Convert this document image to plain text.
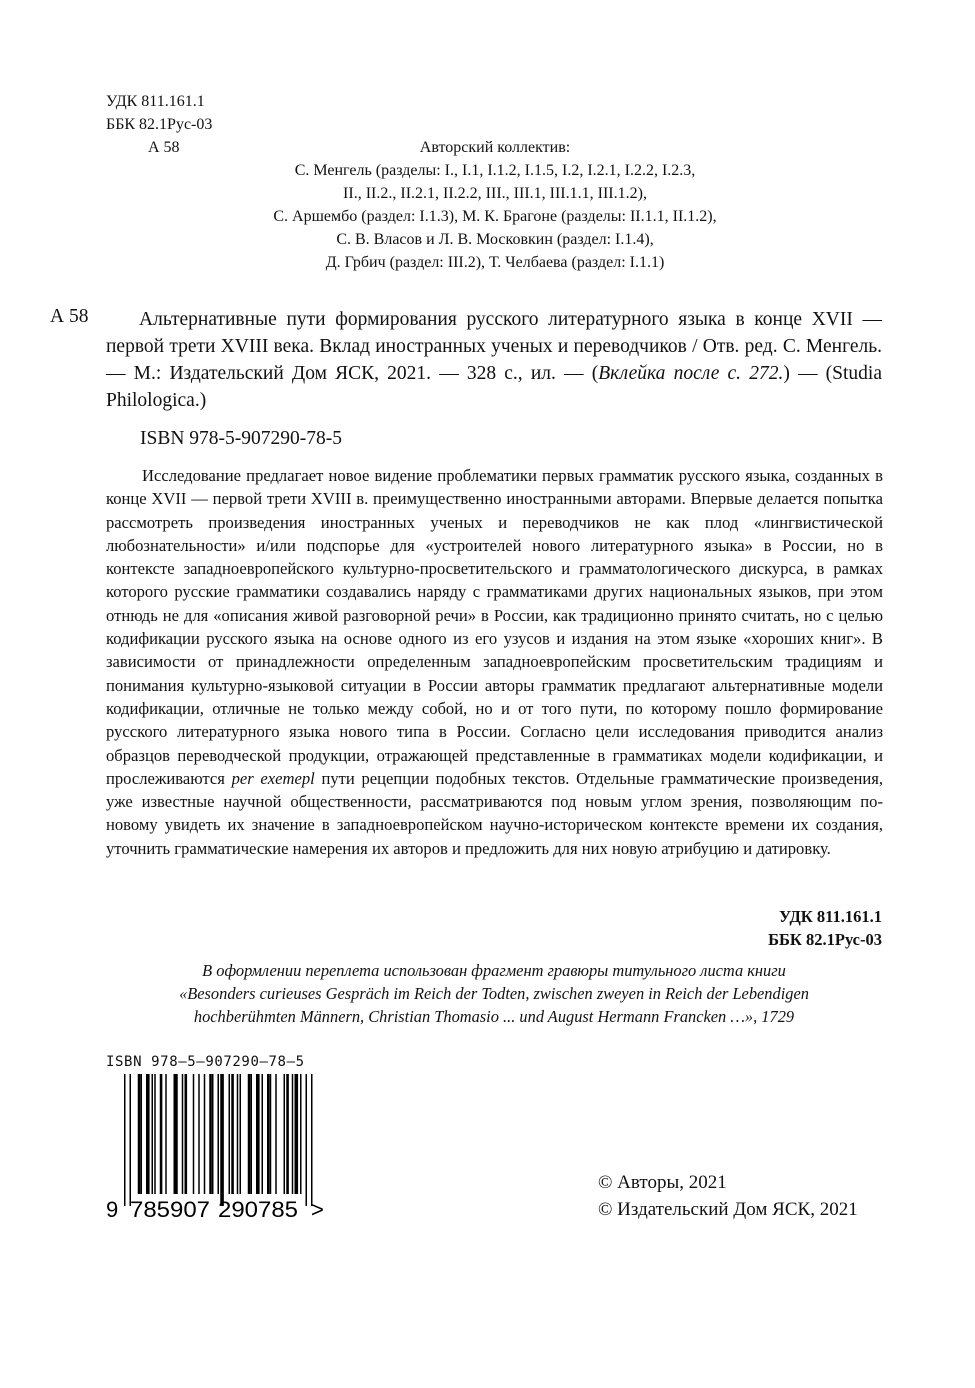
УДК 811.161.1
ББК 82.1Рус-03
А 58	Авторский коллектив:
С. Менгель (разделы: I., I.1, I.1.2, I.1.5, I.2, I.2.1, I.2.2, I.2.3,
II., II.2., II.2.1, II.2.2, III., III.1, III.1.1, III.1.2),
С. Аршембо (раздел: I.1.3), М. К. Брагоне (разделы: II.1.1, II.1.2),
С. В. Власов и Л. В. Московкин (раздел: I.1.4),
Д. Грбич (раздел: III.2), Т. Челбаева (раздел: I.1.1)
А 58	Альтернативные пути формирования русского литературного языка в конце XVII — первой трети XVIII века. Вклад иностранных ученых и переводчиков / Отв. ред. С. Менгель. — М.: Издательский Дом ЯСК, 2021. — 328 с., ил. — (Вклейка после с. 272.) — (Studia Philologica.)
ISBN 978-5-907290-78-5

Исследование предлагает новое видение проблематики первых грамматик русского языка, созданных в конце XVII — первой трети XVIII в. преимущественно иностранными авторами. Впервые делается попытка рассмотреть произведения иностранных ученых и переводчиков не как плод «лингвистической любознательности» и/или подспорье для «устроителей нового литературного языка» в России, но в контексте западноевропейского культурно-просветительского и грамматологического дискурса, в рамках которого русские грамматики создавались наряду с грамматиками других национальных языков, при этом отнюдь не для «описания живой разговорной речи» в России, как традиционно принято считать, но с целью кодификации русского языка на основе одного из его узусов и издания на этом языке «хороших книг». В зависимости от принадлежности определенным западноевропейским просветительским традициям и понимания культурно-языковой ситуации в России авторы грамматик предлагают альтернативные модели кодификации, отличные не только между собой, но и от того пути, по которому пошло формирование русского литературного языка нового типа в России. Согласно цели исследования приводится анализ образцов переводческой продукции, отражающей представленные в грамматиках модели кодификации, и прослеживаются per exemepl пути рецепции подобных текстов. Отдельные грамматические произведения, уже известные научной общественности, рассматриваются под новым углом зрения, позволяющим по-новому увидеть их значение в западноевропейском научно-историческом контексте времени их создания, уточнить грамматические намерения их авторов и предложить для них новую атрибуцию и датировку.

УДК 811.161.1
ББК 82.1Рус-03
В оформлении переплета использован фрагмент гравюры титульного листа книги
«Besonders curieuses Gespräch im Reich der Todten, zwischen zweyen in Reich der Lebendigen
hochberühmten Männern, Christian Thomasio ... und August Hermann Francken …», 1729
ISBN 978–5–907290–78–5
9 785907 290785 >
© Авторы, 2021
© Издательский Дом ЯСК, 2021
